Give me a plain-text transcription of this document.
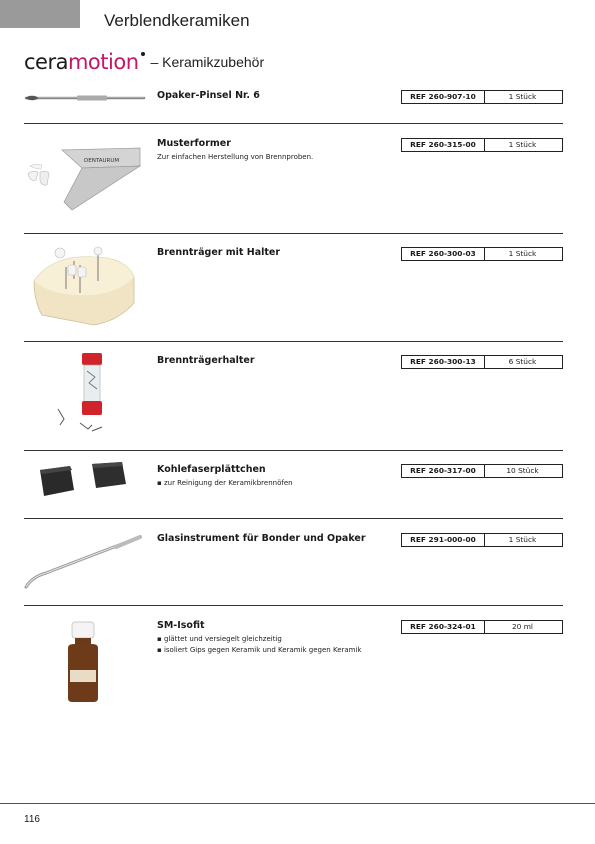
Verblendkeramiken
ceramotion – Keramikzubehör
Opaker-Pinsel Nr. 6	REF 260-907-10	1 Stück
Musterformer
Zur einfachen Herstellung von Brennproben.
REF 260-315-00	1 Stück
DENTAURUM
Brennträger mit Halter	REF 260-300-03	1 Stück
Brennträgerhalter	REF 260-300-13	6 Stück
Kohlefaserplättchen
▪ zur Reinigung der Keramikbrennöfen
REF 260-317-00	10 Stück
Glasinstrument für Bonder und Opaker	REF 291-000-00	1 Stück
SM-Isofit
▪ glättet und versiegelt gleichzeitig
▪ isoliert Gips gegen Keramik und Keramik gegen Keramik
REF 260-324-01	20 ml
116
